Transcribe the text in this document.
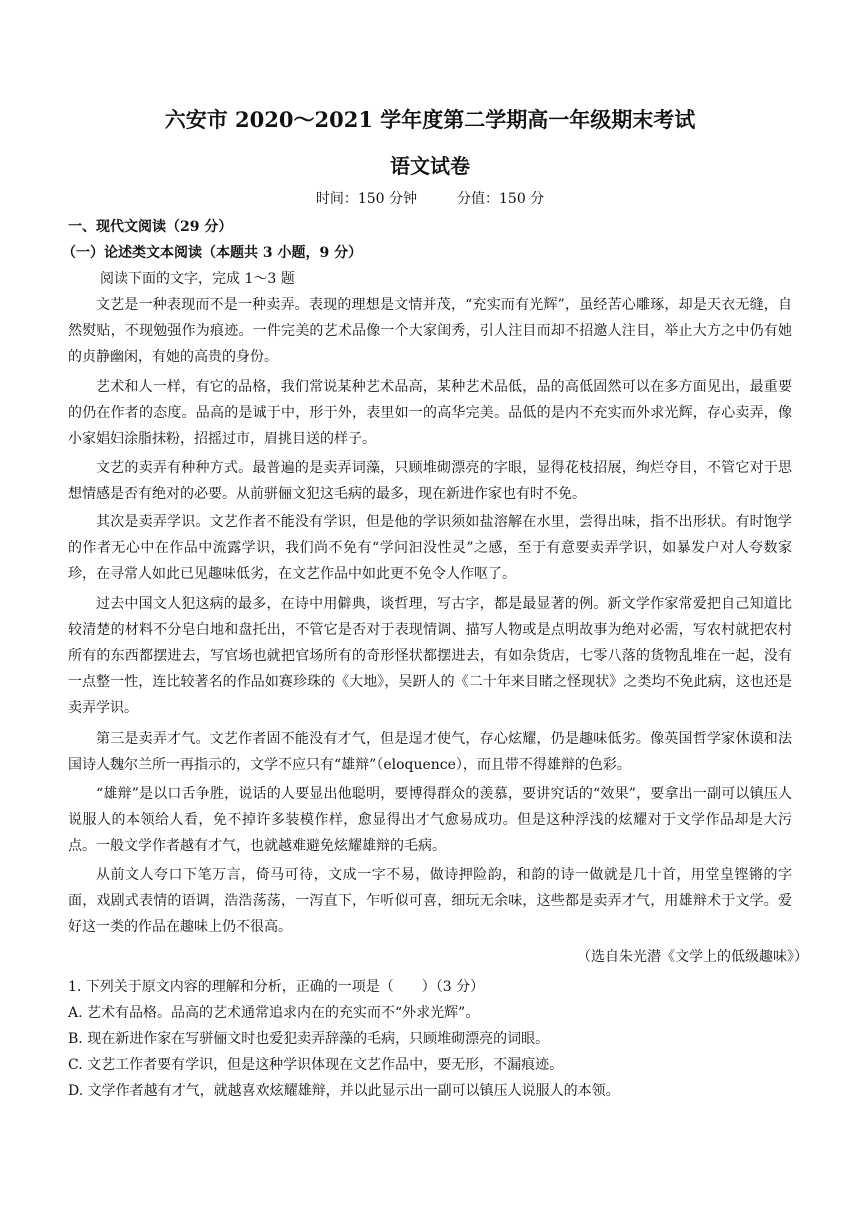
六安市 2020～2021 学年度第二学期高一年级期末考试
语文试卷
时间：150 分钟	分值：150 分
一、现代文阅读（29 分）
（一）论述类文本阅读（本题共 3 小题，9 分）
阅读下面的文字，完成 1～3 题
文艺是一种表现而不是一种卖弄。表现的理想是文情并茂，“充实而有光辉”，虽经苦心雕琢，却是天衣无缝，自然熨贴，不现勉强作为痕迹。一件完美的艺术品像一个大家闺秀，引人注目而却不招邀人注目，举止大方之中仍有她的贞静幽闲，有她的高贵的身份。
艺术和人一样，有它的品格，我们常说某种艺术品高，某种艺术品低，品的高低固然可以在多方面见出，最重要的仍在作者的态度。品高的是诚于中，形于外，表里如一的高华完美。品低的是内不充实而外求光辉，存心卖弄，像小家娼妇涂脂抹粉，招摇过市，眉挑目送的样子。
文艺的卖弄有种种方式。最普遍的是卖弄词藻，只顾堆砌漂亮的字眼，显得花枝招展，绚烂夺目，不管它对于思想情感是否有绝对的必要。从前骈俪文犯这毛病的最多，现在新进作家也有时不免。
其次是卖弄学识。文艺作者不能没有学识，但是他的学识须如盐溶解在水里，尝得出味，指不出形状。有时饱学的作者无心中在作品中流露学识，我们尚不免有“学问汩没性灵”之感，至于有意要卖弄学识，如暴发户对人夸数家珍，在寻常人如此已见趣味低劣，在文艺作品中如此更不免令人作呕了。
过去中国文人犯这病的最多，在诗中用僻典，谈哲理，写古字，都是最显著的例。新文学作家常爱把自己知道比较清楚的材料不分皂白地和盘托出，不管它是否对于表现情调、描写人物或是点明故事为绝对必需，写农村就把农村所有的东西都摆进去，写官场也就把官场所有的奇形怪状都摆进去，有如杂货店，七零八落的货物乱堆在一起，没有一点整一性，连比较著名的作品如赛珍珠的《大地》，吴趼人的《二十年来目睹之怪现状》之类均不免此病，这也还是卖弄学识。
第三是卖弄才气。文艺作者固不能没有才气，但是逞才使气，存心炫耀，仍是趣味低劣。像英国哲学家休谟和法国诗人魏尔兰所一再指示的，文学不应只有“雄辩”（eloquence），而且带不得雄辩的色彩。
“雄辩”是以口舌争胜，说话的人要显出他聪明，要博得群众的羡慕，要讲究话的“效果”，要拿出一副可以镇压人说服人的本领给人看，免不掉许多装模作样，愈显得出才气愈易成功。但是这种浮浅的炫耀对于文学作品却是大污点。一般文学作者越有才气，也就越难避免炫耀雄辩的毛病。
从前文人夸口下笔万言，倚马可待，文成一字不易，做诗押险韵，和韵的诗一做就是几十首，用堂皇铿锵的字面，戏剧式表情的语调，浩浩荡荡，一泻直下，乍听似可喜，细玩无余味，这些都是卖弄才气，用雄辩术于文学。爱好这一类的作品在趣味上仍不很高。
（选自朱光潜《文学上的低级趣味》）
1. 下列关于原文内容的理解和分析，正确的一项是（　　）（3 分）
A. 艺术有品格。品高的艺术通常追求内在的充实而不“外求光辉”。
B. 现在新进作家在写骈俪文时也爱犯卖弄辞藻的毛病，只顾堆砌漂亮的词眼。
C. 文艺工作者要有学识，但是这种学识体现在文艺作品中，要无形，不漏痕迹。
D. 文学作者越有才气，就越喜欢炫耀雄辩，并以此显示出一副可以镇压人说服人的本领。
